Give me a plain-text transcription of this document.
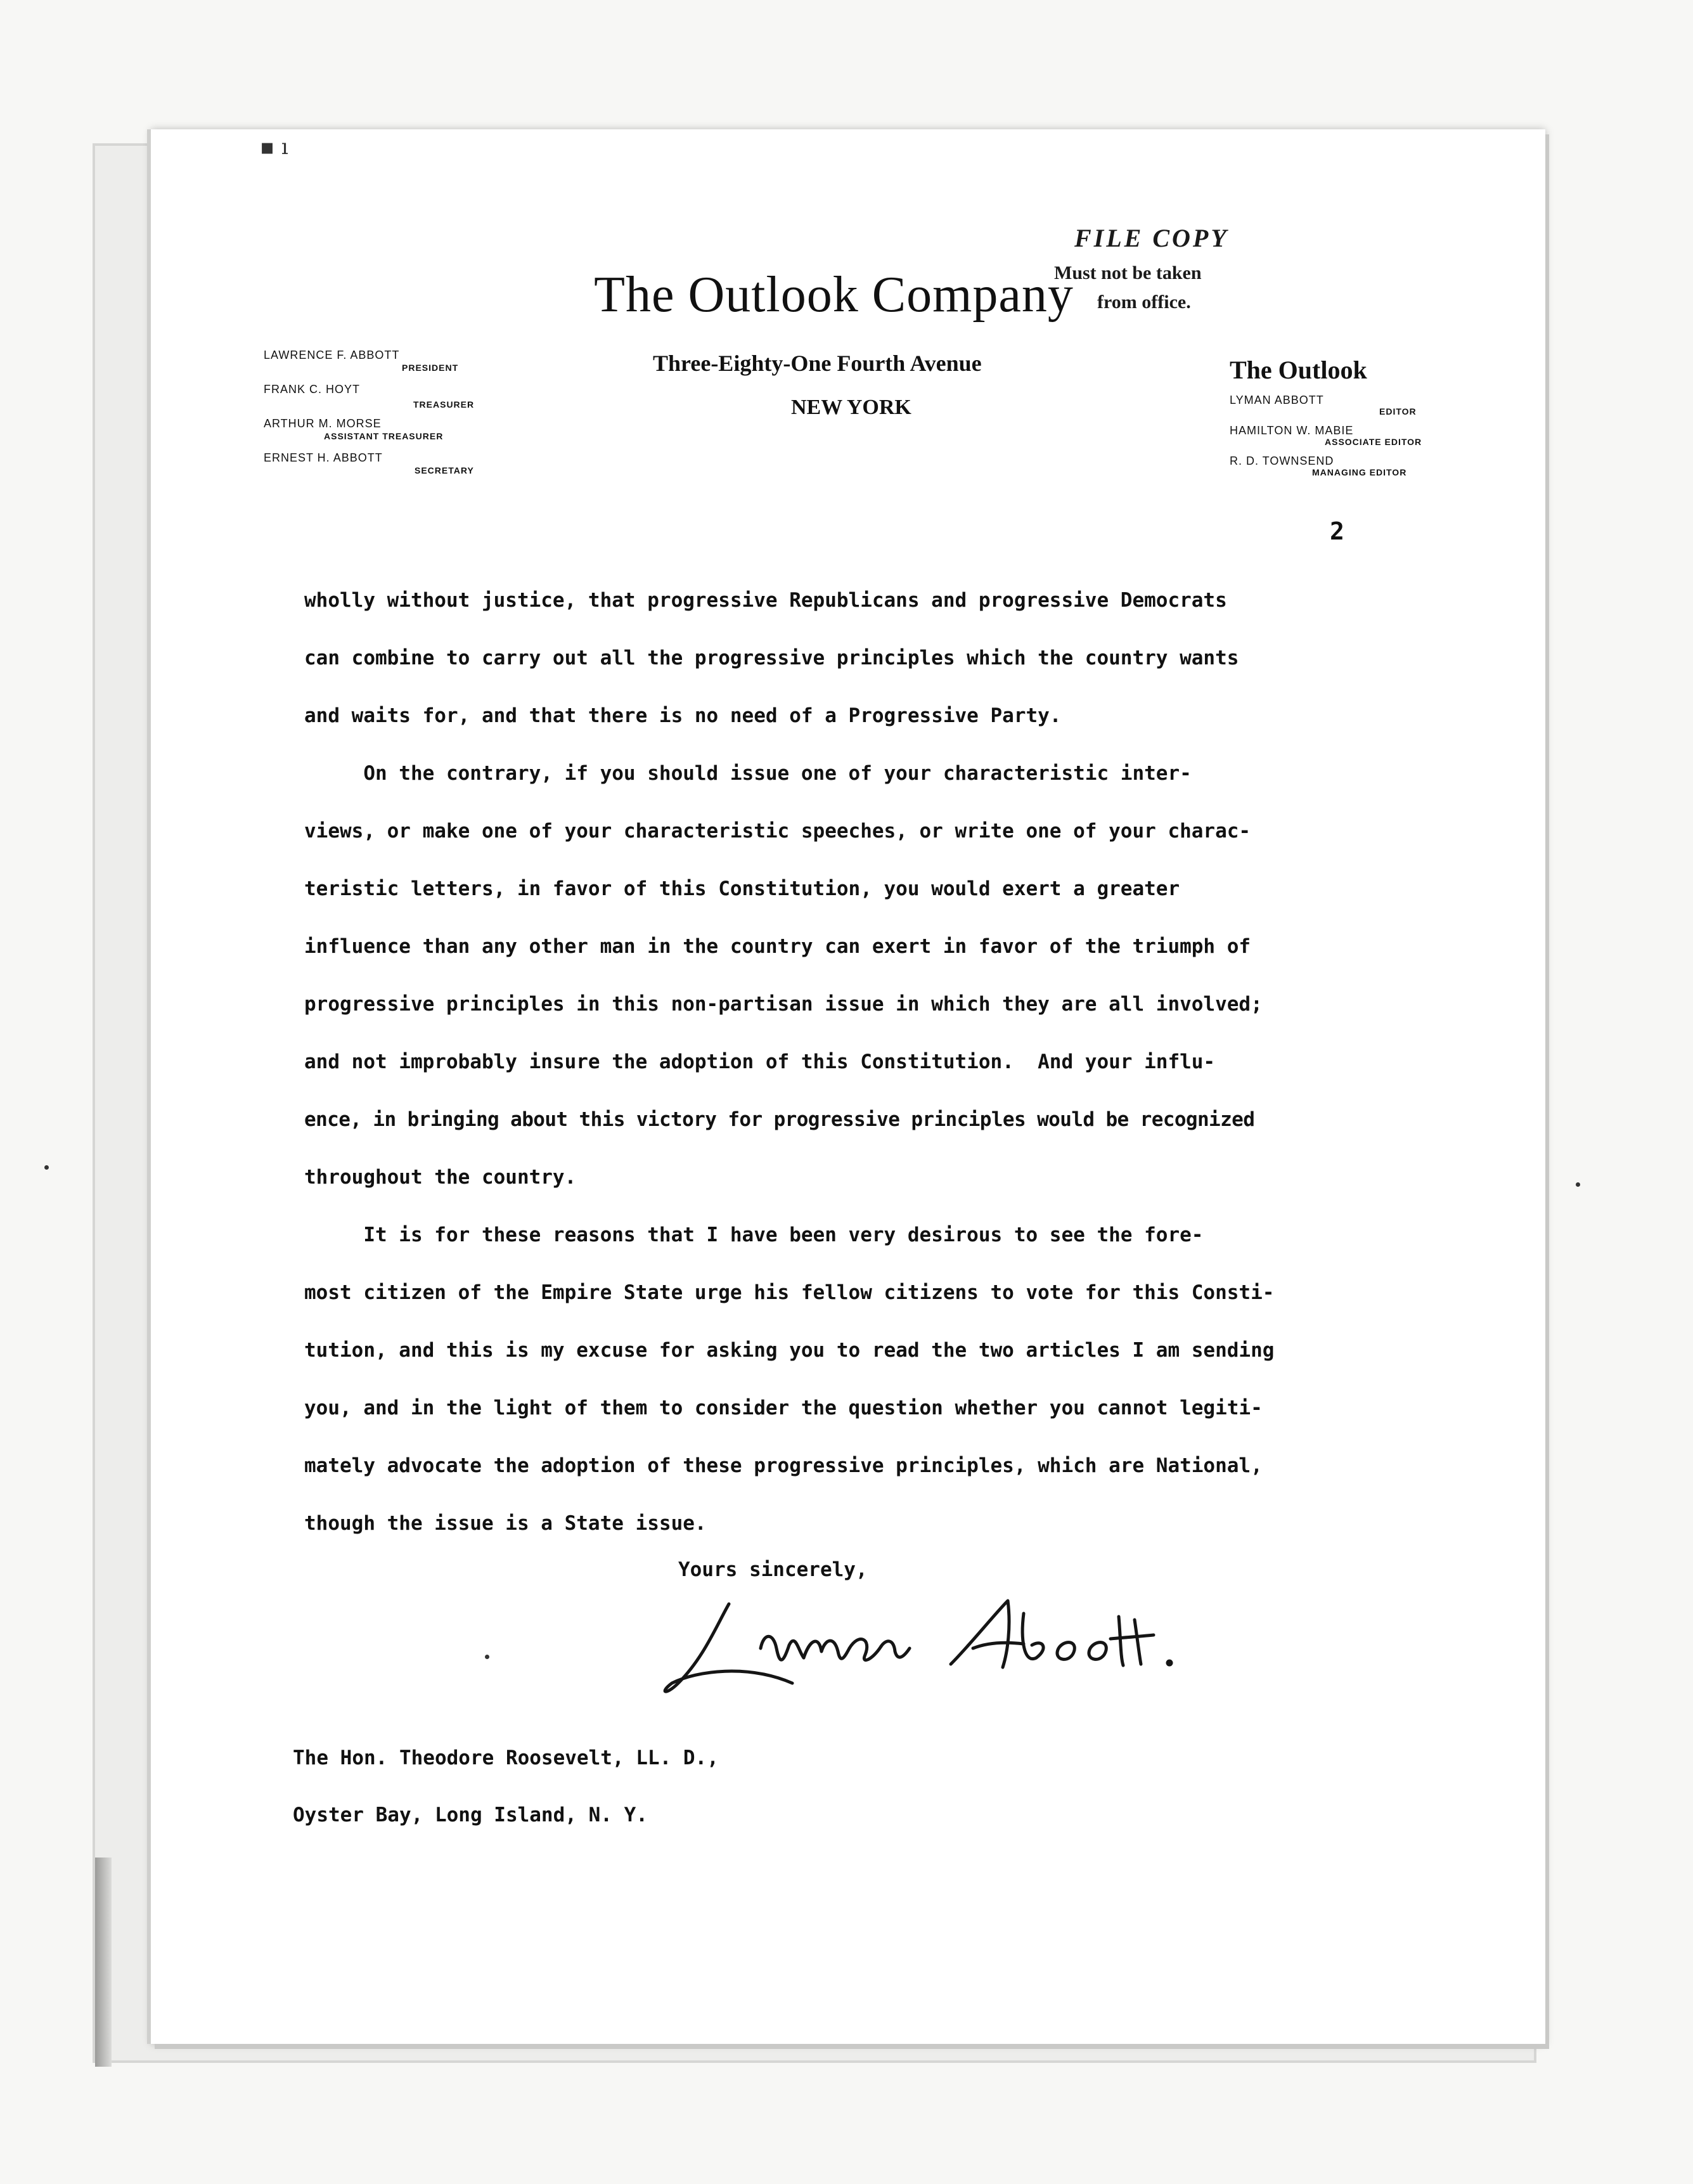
▪ ı
FILE COPY
Must not be taken
from office.
The Outlook Company
Three-Eighty-One Fourth Avenue
NEW YORK
LAWRENCE F. ABBOTT
PRESIDENT
FRANK C. HOYT
TREASURER
ARTHUR M. MORSE
ASSISTANT TREASURER
ERNEST H. ABBOTT
SECRETARY
The Outlook
LYMAN ABBOTT
EDITOR
HAMILTON W. MABIE
ASSOCIATE EDITOR
R. D. TOWNSEND
MANAGING EDITOR
2
wholly without justice, that progressive Republicans and progressive Democrats
can combine to carry out all the progressive principles which the country wants
and waits for, and that there is no need of a Progressive Party.
On the contrary, if you should issue one of your characteristic inter-
views, or make one of your characteristic speeches, or write one of your charac-
teristic letters, in favor of this Constitution, you would exert a greater
influence than any other man in the country can exert in favor of the triumph of
progressive principles in this non-partisan issue in which they are all involved;
and not improbably insure the adoption of this Constitution.  And your influ-
ence, in bringing about this victory for progressive principles would be recognized
throughout the country.
It is for these reasons that I have been very desirous to see the fore-
most citizen of the Empire State urge his fellow citizens to vote for this Consti-
tution, and this is my excuse for asking you to read the two articles I am sending
you, and in the light of them to consider the question whether you cannot legiti-
mately advocate the adoption of these progressive principles, which are National,
though the issue is a State issue.
Yours sincerely,
The Hon. Theodore Roosevelt, LL. D.,
Oyster Bay, Long Island, N. Y.
